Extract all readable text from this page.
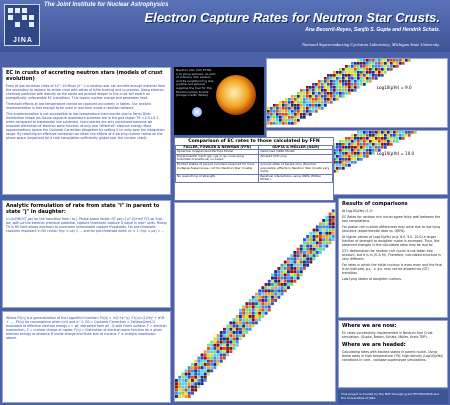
JINA
The Joint Institute for Nuclear Astrophysics
Electron Capture Rates for Neutron Star Crusts.
Ana Becerril-Reyes, Sanjib S. Gupta and Hendrik Schatz.
National Superconducting Cyclotron Laboratory, Michigan State University.
EC in crusts of accreting neutron stars (models of crust evolution)
Even at low accretion rates of 10^-10 Msun yr^-1 a neutron star can accrete enough material from the secondary to replace its entire crust with ashes of H/He burning and rp process. Along electron chemical potential with density as the ashes are pushed deeper in the crust will switch on energetically unfavorable EC transitions. This lowers nuclear charge and generates heat.
Threshold effects at low temperature cannot be captured accurately in tables. Our analytic implementation is fast enough to be used in real-time inside a reaction network.
This implementation is not susceptible to low-temperature inaccuracies due to Fermi-Dirac distribution shape (as Gauss-Laguerre quadrature schemes are in the grid region T9 < 0.01-0.1 when compared to trapezoidal rule schemes). Inaccuracies are only introduced because we evaluate distinction of electron wave function at only one "effective" electron energy. Most approximations ignore the Coulomb Correction altogether by setting it to unity over the integration range. By retaining an effective correction we retain the effects of a varying nuclear radius on the phase space (important for a rate compilation sufficiently global over the nuclear chart).
Analytic formulation of rate from state "i" in parent to state "j" in daughter:
λ=(ln2/ft)·f(T,μe) for the transition from i to j. Phase space factor: f(T,μe)=∫ p² (Q+w)² F(Z,w) S(w) dw, with μe the electron chemical potential, capture threshold, capture Q value in mec² units. Rising T9 in ft5 limit allows electrons to overcome unfavorable capture thresholds. For pre-threshold captures important in NS crusts: f(ηc < μe) = ... and for pre-threshold when ηc < 1: f(ηc < μe) = ...
Where F0(η) is a generalization of the Logarithm function: F0(η) = ln(1+e^η). F1(η)=(1/2)η² + π²/6 + ... , Fk(η) for convergence when η>0 and η~1. G0 = Coulomb Correction = 2π/(exp(2πν)-1) evaluated at effective electron energy ν = wf, extracted from wf - Q with Fermi surface. F = electron momentum, Z = nuclear charge of captor. F(η) = Distinction of electron wave function for a given electron energy at distance R inside charge and finite size of nucleus. F is analytic expression above.
Neutron star (X0) ETHR-1'ck (blue sphere), as part of a binary star system, and its neighbouring star (yellow-red sphere) supplies the fuel for the thermonuclear bursts. (Image Credit: NASA)
Log10(ρYe) = 9.0
Log10(ρYe) = 10.0
Comparison of EC rates to those calculated by FFN
FULLER, FOWLER & NEWMAN (FFN)	GUPTA & MÖLLER (G&M)
Spherical Independent-Particle Model.	Deformed QRPA Model.
Experimental input (gs->gs or gs->low-lying forbidden transitions) included.	Allowed (GT) only.
Excited states of parent included (required for Core-Collapse Supernovae, not for Neutron Star Crusts)	Ground state of parent only (thermal population effects in Neutron Star Crusts very mild).
No quenching of strength.	Residual interactions using QRPA (Möller Möller).
Results of comparisons
At Log10(ρYe)=1.0:
EC Rates for neutron rich nuclei agree fairly well between the two compilations.
For proton rich nuclear differences may arise due to low lying structure (experimental data vs. QRPA).
At higher values of Log10(ρYe) (e.g. 8.0, 9.0, 10.0) a larger fraction of strength to daughter nuclei is accessed. Thus, the observed changes in the calculated rates may be due to:
GT+ deformation for neutron rich nuclei is not taken into account, but it is in (G & M). Therefore, calculated structure is very different.
For rates in which the initial nucleus is even-even and the final is an odd-odd, g.s. -> g.s. may not be allowed via (GT) transition.
Low-lying states of daughter nucleus.
Where we are now:
EC rates successfully implemented in Neutron Star Crust simulation. (Gupta, Brown, Schatz, Möller, Kratz TBP).
Where we are headed:
Calculating rates with excited states in parent nuclei. Using these rates in high temperature (T9), high density (Log10(ρYe)) conditions in core - collapse supernovae simulations.
This project is funded by the NSF through grant PHY0822648 and the Universities of JINA.
